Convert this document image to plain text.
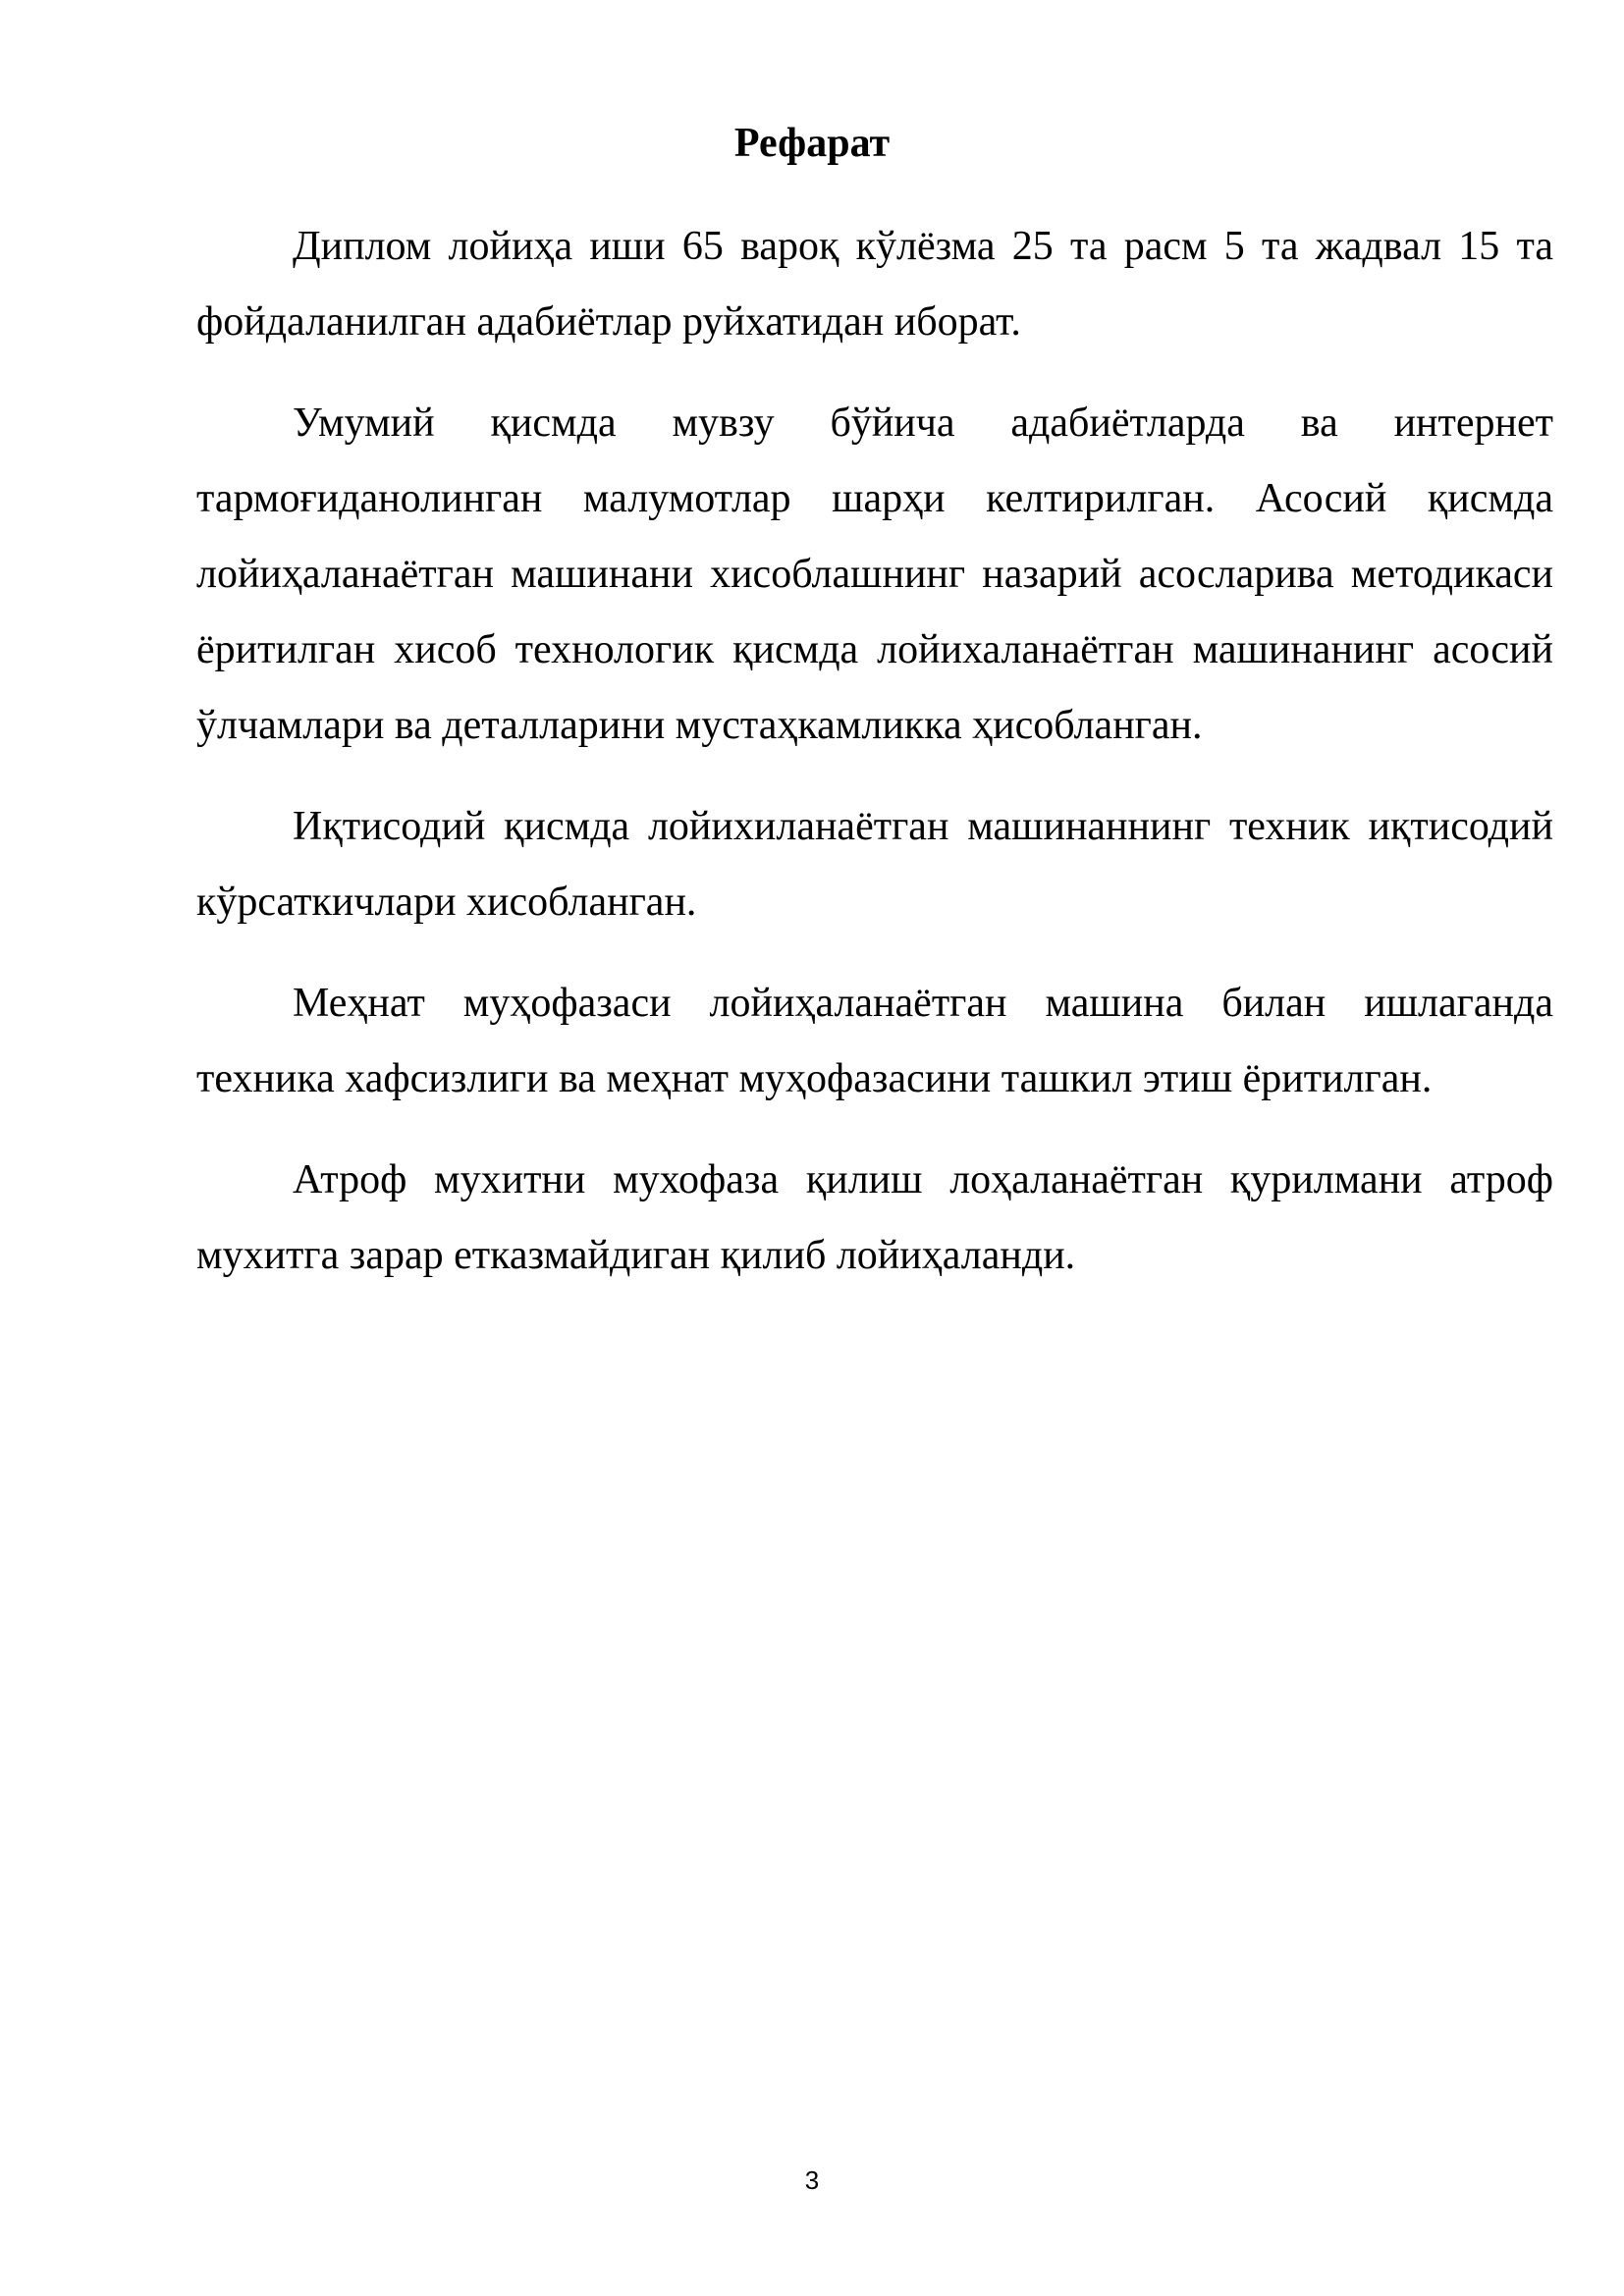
Рефарат

Диплом лойиҳа иши 65 вароқ кўлёзма 25 та расм 5 та жадвал 15 та фойдаланилган адабиётлар руйхатидан иборат.

Умумий қисмда мувзу бўйича адабиётларда ва интернет тармоғиданолинган малумотлар шарҳи келтирилган. Асосий қисмда лойиҳаланаётган машинани хисоблашнинг назарий асосларива методикаси ёритилган хисоб технологик қисмда лойихаланаётган машинанинг асосий ўлчамлари ва деталларини мустаҳкамликка ҳисобланган.

Иқтисодий қисмда лойихиланаётган машинаннинг техник иқтисодий кўрсаткичлари хисобланган.

Меҳнат муҳофазаси лойиҳаланаётган машина билан ишлаганда техника хафсизлиги ва меҳнат муҳофазасини ташкил этиш ёритилган.

Атроф мухитни мухофаза қилиш лоҳаланаётган қурилмани атроф мухитга зарар етказмайдиган қилиб лойиҳаланди.

3
